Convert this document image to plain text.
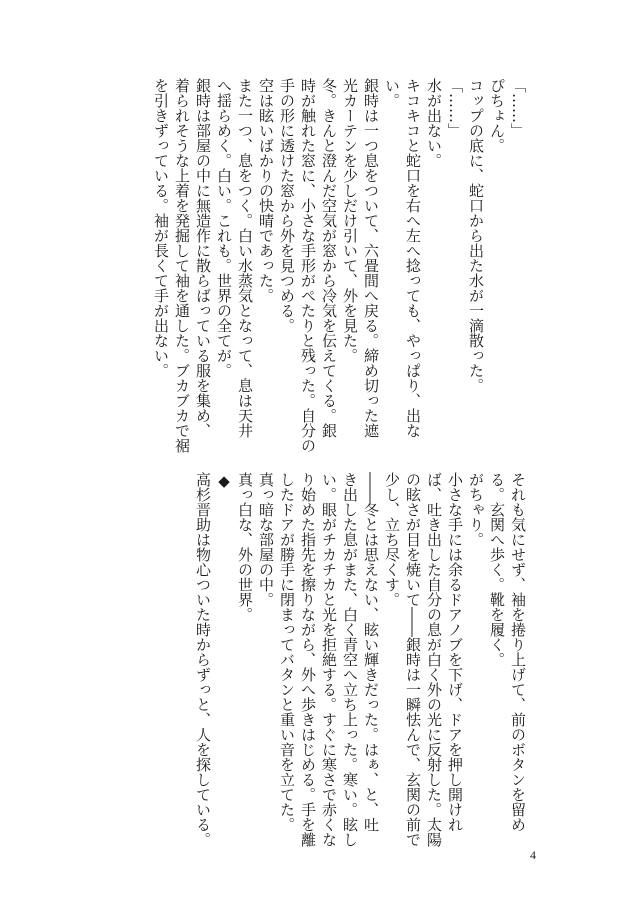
「……」
ぴちょん。
コップの底に、蛇口から出た水が一滴散った。
「……」
水が出ない。
キコキコと蛇口を右へ左へ捻っても、やっぱり、出な
い。
銀時は一つ息をついて、六畳間へ戻る。締め切った遮
光カーテンを少しだけ引いて、外を見た。
冬。きんと澄んだ空気が窓から冷気を伝えてくる。銀
時が触れた窓に、小さな手形がぺたりと残った。自分の
手の形に透けた窓から外を見つめる。
空は眩いばかりの快晴であった。
また一つ、息をつく。白い水蒸気となって、息は天井
へ揺らめく。白い。これも。世界の全てが。
銀時は部屋の中に無造作に散らばっている服を集め、
着られそうな上着を発掘して袖を通した。ブカブカで裾
を引きずっている。袖が長くて手が出ない。
それも気にせず、袖を捲り上げて、前のボタンを留め
る。玄関へ歩く。靴を履く。
がちゃり。
小さな手には余るドアノブを下げ、ドアを押し開けれ
ば、吐き出した自分の息が白く外の光に反射した。太陽
の眩さが目を焼いて――銀時は一瞬怯んで、玄関の前で
少し、立ち尽くす。
――冬とは思えない、眩い輝きだった。はぁ、と、吐
き出した息がまた、白く青空へ立ち上った。寒い。眩し
い。眼がチカチカと光を拒絶する。すぐに寒さで赤くな
り始めた指先を擦りながら、外へ歩きはじめる。手を離
したドアが勝手に閉まってバタンと重い音を立てた。
真っ暗な部屋の中。
真っ白な、外の世界。
◆
高杉晋助は物心ついた時からずっと、人を探している。
4
